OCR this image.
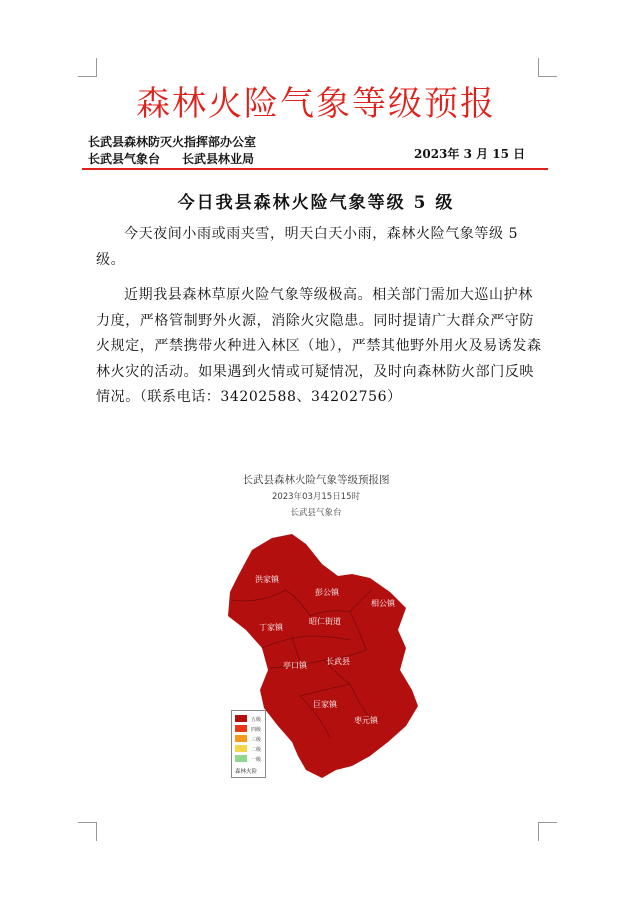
森林火险气象等级预报
长武县森林防灭火指挥部办公室
长武县气象台 长武县林业局	2023年 3 月 15 日
今日我县森林火险气象等级 5 级
今天夜间小雨或雨夹雪，明天白天小雨，森林火险气象等级 5 级。
近期我县森林草原火险气象等级极高。相关部门需加大巡山护林力度，严格管制野外火源，消除火灾隐患。同时提请广大群众严守防火规定，严禁携带火种进入林区（地），严禁其他野外用火及易诱发森林火灾的活动。如果遇到火情或可疑情况，及时向森林防火部门反映情况。（联系电话：34202588、34202756）
长武县森林火险气象等级预报图
2023年03月15日15时
长武县气象台
洪家镇
彭公镇
相公镇
丁家镇
昭仁街道
亭口镇 长武县
巨家镇
枣元镇
五级
四级
三级
二级
一级
森林火险
